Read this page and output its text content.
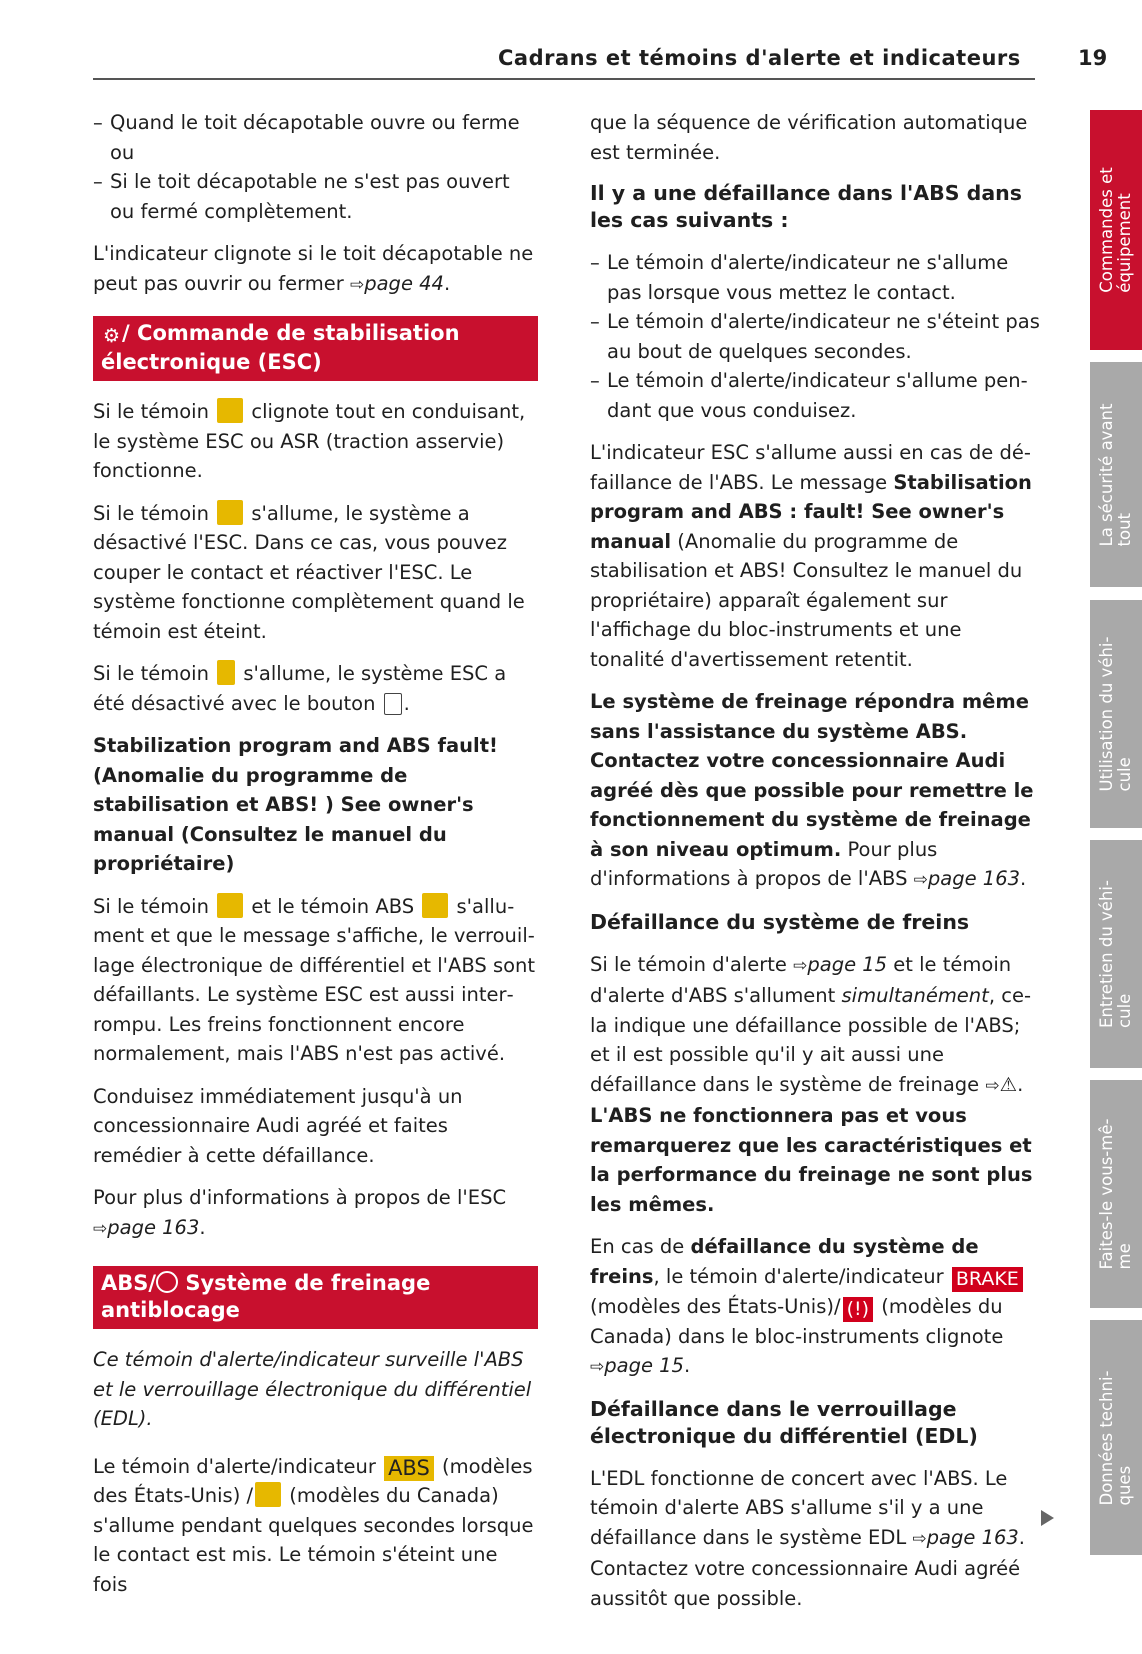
Cadrans et témoins d'alerte et indicateurs	19
– Quand le toit décapotable ouvre ou ferme ou
– Si le toit décapotable ne s'est pas ouvert ou fermé complètement.

L'indicateur clignote si le toit décapotable ne peut pas ouvrir ou fermer ⇨page 44.

⚙/ Commande de stabilisation électronique (ESC)

Si le témoin  clignote tout en conduisant, le système ESC ou ASR (traction asservie) fonctionne.

Si le témoin  s'allume, le système a désactivé l'ESC. Dans ce cas, vous pouvez couper le contact et réactiver l'ESC. Le système fonctionne complètement quand le témoin est éteint.

Si le témoin  s'allume, le système ESC a été désactivé avec le bouton .

Stabilization program and ABS fault! (Anomalie du programme de stabilisation et ABS! ) See owner's manual (Consultez le manuel du propriétaire)

Si le témoin  et le témoin ABS  s'allument et que le message s'affiche, le verrouillage électronique de différentiel et l'ABS sont défaillants. Le système ESC est aussi interrompu. Les freins fonctionnent encore normalement, mais l'ABS n'est pas activé.

Conduisez immédiatement jusqu'à un concessionnaire Audi agréé et faites remédier à cette défaillance.

Pour plus d'informations à propos de l'ESC
⇨page 163.

ABS/ Système de freinage antiblocage

Ce témoin d'alerte/indicateur surveille l'ABS et le verrouillage électronique du différentiel (EDL).

Le témoin d'alerte/indicateur ABS (modèles des États-Unis) / (modèles du Canada) s'allume pendant quelques secondes lorsque le contact est mis. Le témoin s'éteint une fois

que la séquence de vérification automatique est terminée.

Il y a une défaillance dans l'ABS dans les cas suivants :
– Le témoin d'alerte/indicateur ne s'allume pas lorsque vous mettez le contact.
– Le témoin d'alerte/indicateur ne s'éteint pas au bout de quelques secondes.
– Le témoin d'alerte/indicateur s'allume pendant que vous conduisez.

L'indicateur ESC s'allume aussi en cas de défaillance de l'ABS. Le message Stabilisation program and ABS : fault! See owner's manual (Anomalie du programme de stabilisation et ABS! Consultez le manuel du propriétaire) apparaît également sur l'affichage du bloc-instruments et une tonalité d'avertissement retentit.

Le système de freinage répondra même sans l'assistance du système ABS. Contactez votre concessionnaire Audi agréé dès que possible pour remettre le fonctionnement du système de freinage à son niveau optimum. Pour plus d'informations à propos de l'ABS ⇨page 163.

Défaillance du système de freins

Si le témoin d'alerte ⇨page 15 et le témoin d'alerte d'ABS s'allument simultanément, cela indique une défaillance possible de l'ABS; et il est possible qu'il y ait aussi une défaillance dans le système de freinage ⇨⚠. L'ABS ne fonctionnera pas et vous remarquerez que les caractéristiques et la performance du freinage ne sont plus les mêmes.

En cas de défaillance du système de freins, le témoin d'alerte/indicateur BRAKE (modèles des États-Unis)/ (!) (modèles du Canada) dans le bloc-instruments clignote ⇨page 15.

Défaillance dans le verrouillage électronique du différentiel (EDL)

L'EDL fonctionne de concert avec l'ABS. Le témoin d'alerte ABS s'allume s'il y a une défaillance dans le système EDL ⇨page 163. Contactez votre concessionnaire Audi agréé aussitôt que possible.

Commandes et
équipement
La sécurité avant
tout
Utilisation du véhi-
cule
Entretien du véhi-
cule
Faites-le vous-mê-
me
Données techni-
ques
